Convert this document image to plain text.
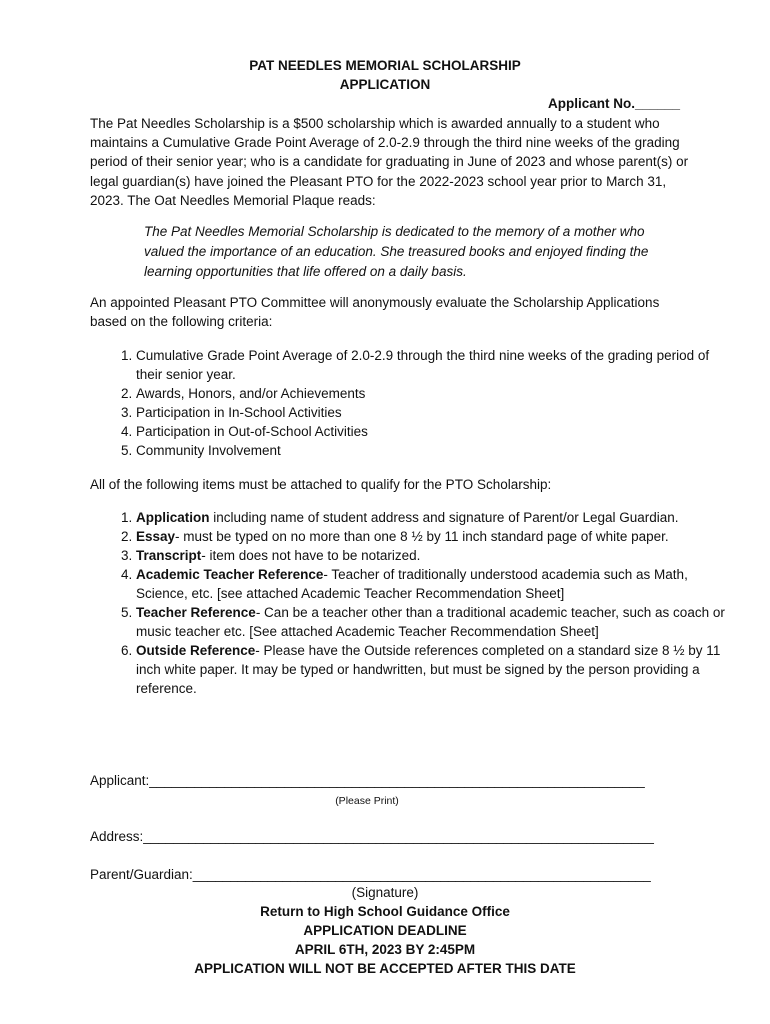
PAT NEEDLES MEMORIAL SCHOLARSHIP
APPLICATION
Applicant No.______
The Pat Needles Scholarship is a $500 scholarship which is awarded annually to a student who maintains a Cumulative Grade Point Average of 2.0-2.9 through the third nine weeks of the grading period of their senior year; who is a candidate for graduating in June of 2023 and whose parent(s) or legal guardian(s) have joined the Pleasant PTO for the 2022-2023 school year prior to March 31, 2023. The Oat Needles Memorial Plaque reads:
The Pat Needles Memorial Scholarship is dedicated to the memory of a mother who valued the importance of an education. She treasured books and enjoyed finding the learning opportunities that life offered on a daily basis.
An appointed Pleasant PTO Committee will anonymously evaluate the Scholarship Applications based on the following criteria:
1. Cumulative Grade Point Average of 2.0-2.9 through the third nine weeks of the grading period of their senior year.
2. Awards, Honors, and/or Achievements
3. Participation in In-School Activities
4. Participation in Out-of-School Activities
5. Community Involvement
All of the following items must be attached to qualify for the PTO Scholarship:
1. Application including name of student address and signature of Parent/or Legal Guardian.
2. Essay- must be typed on no more than one 8 ½ by 11 inch standard page of white paper.
3. Transcript- item does not have to be notarized.
4. Academic Teacher Reference- Teacher of traditionally understood academia such as Math, Science, etc. [see attached Academic Teacher Recommendation Sheet]
5. Teacher Reference- Can be a teacher other than a traditional academic teacher, such as coach or music teacher etc. [See attached Academic Teacher Recommendation Sheet]
6. Outside Reference- Please have the Outside references completed on a standard size 8 ½ by 11 inch white paper. It may be typed or handwritten, but must be signed by the person providing a reference.
Applicant:__________________________________________________________________
(Please Print)
Address:____________________________________________________________________
Parent/Guardian:_____________________________________________________________
(Signature)
Return to High School Guidance Office
APPLICATION DEADLINE
APRIL 6TH, 2023 BY 2:45PM
APPLICATION WILL NOT BE ACCEPTED AFTER THIS DATE
